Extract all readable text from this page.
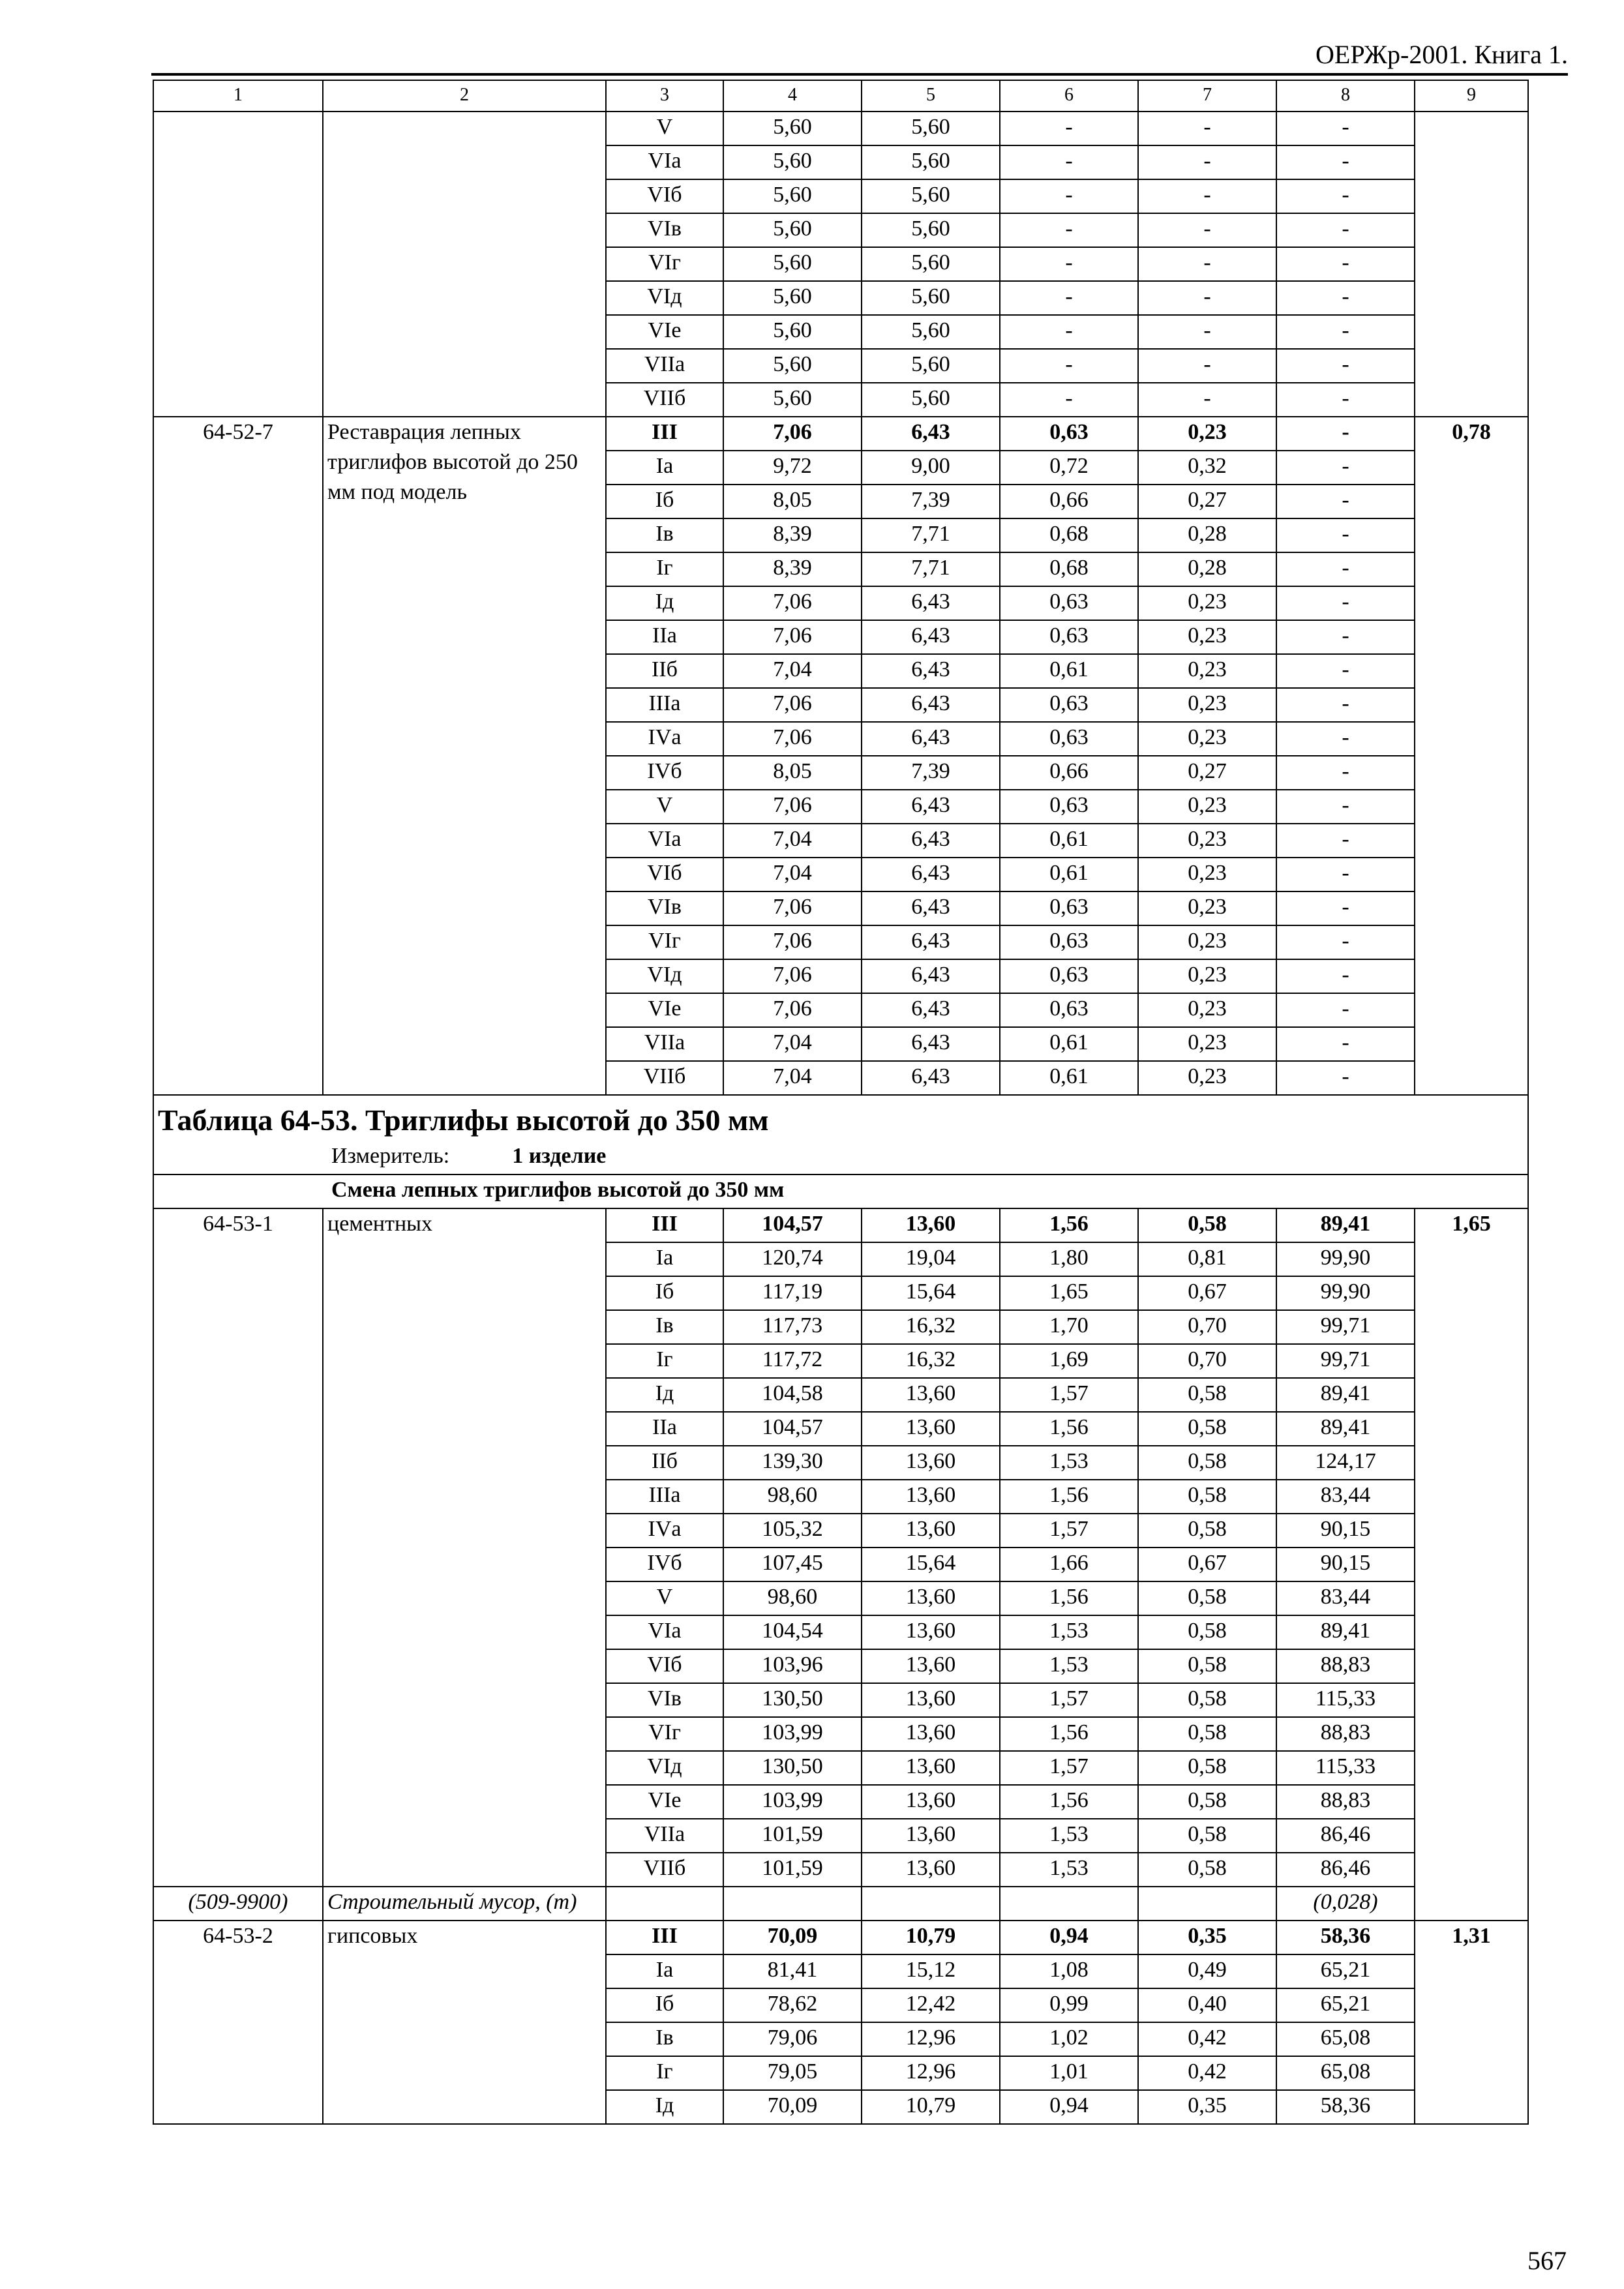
ОЕРЖр-2001. Книга 1.
1	2	3	4	5	6	7	8	9
		V	5,60	5,60	-	-	-	
		VIа	5,60	5,60	-	-	-	
		VIб	5,60	5,60	-	-	-	
		VIв	5,60	5,60	-	-	-	
		VIг	5,60	5,60	-	-	-	
		VIд	5,60	5,60	-	-	-	
		VIе	5,60	5,60	-	-	-	
		VIIа	5,60	5,60	-	-	-	
		VIIб	5,60	5,60	-	-	-	
64-52-7	Реставрация лепных триглифов высотой до 250 мм под модель	III	7,06	6,43	0,63	0,23	-	0,78
		Iа	9,72	9,00	0,72	0,32	-	
		Iб	8,05	7,39	0,66	0,27	-	
		Iв	8,39	7,71	0,68	0,28	-	
		Iг	8,39	7,71	0,68	0,28	-	
		Iд	7,06	6,43	0,63	0,23	-	
		IIа	7,06	6,43	0,63	0,23	-	
		IIб	7,04	6,43	0,61	0,23	-	
		IIIа	7,06	6,43	0,63	0,23	-	
		IVа	7,06	6,43	0,63	0,23	-	
		IVб	8,05	7,39	0,66	0,27	-	
		V	7,06	6,43	0,63	0,23	-	
		VIа	7,04	6,43	0,61	0,23	-	
		VIб	7,04	6,43	0,61	0,23	-	
		VIв	7,06	6,43	0,63	0,23	-	
		VIг	7,06	6,43	0,63	0,23	-	
		VIд	7,06	6,43	0,63	0,23	-	
		VIе	7,06	6,43	0,63	0,23	-	
		VIIа	7,04	6,43	0,61	0,23	-	
		VIIб	7,04	6,43	0,61	0,23	-	

Таблица 64-53. Триглифы высотой до 350 мм
Измеритель: 1 изделие								

Смена лепных триглифов высотой до 350 мм								
64-53-1	цементных	III	104,57	13,60	1,56	0,58	89,41	1,65
		Iа	120,74	19,04	1,80	0,81	99,90	
		Iб	117,19	15,64	1,65	0,67	99,90	
		Iв	117,73	16,32	1,70	0,70	99,71	
		Iг	117,72	16,32	1,69	0,70	99,71	
		Iд	104,58	13,60	1,57	0,58	89,41	
		IIа	104,57	13,60	1,56	0,58	89,41	
		IIб	139,30	13,60	1,53	0,58	124,17	
		IIIа	98,60	13,60	1,56	0,58	83,44	
		IVа	105,32	13,60	1,57	0,58	90,15	
		IVб	107,45	15,64	1,66	0,67	90,15	
		V	98,60	13,60	1,56	0,58	83,44	
		VIа	104,54	13,60	1,53	0,58	89,41	
		VIб	103,96	13,60	1,53	0,58	88,83	
		VIв	130,50	13,60	1,57	0,58	115,33	
		VIг	103,99	13,60	1,56	0,58	88,83	
		VIд	130,50	13,60	1,57	0,58	115,33	
		VIе	103,99	13,60	1,56	0,58	88,83	
		VIIа	101,59	13,60	1,53	0,58	86,46	
		VIIб	101,59	13,60	1,53	0,58	86,46	
(509-9900)	Строительный мусор, (т)						(0,028)	
64-53-2	гипсовых	III	70,09	10,79	0,94	0,35	58,36	1,31
		Iа	81,41	15,12	1,08	0,49	65,21	
		Iб	78,62	12,42	0,99	0,40	65,21	
		Iв	79,06	12,96	1,02	0,42	65,08	
		Iг	79,05	12,96	1,01	0,42	65,08	
		Iд	70,09	10,79	0,94	0,35	58,36	
567
